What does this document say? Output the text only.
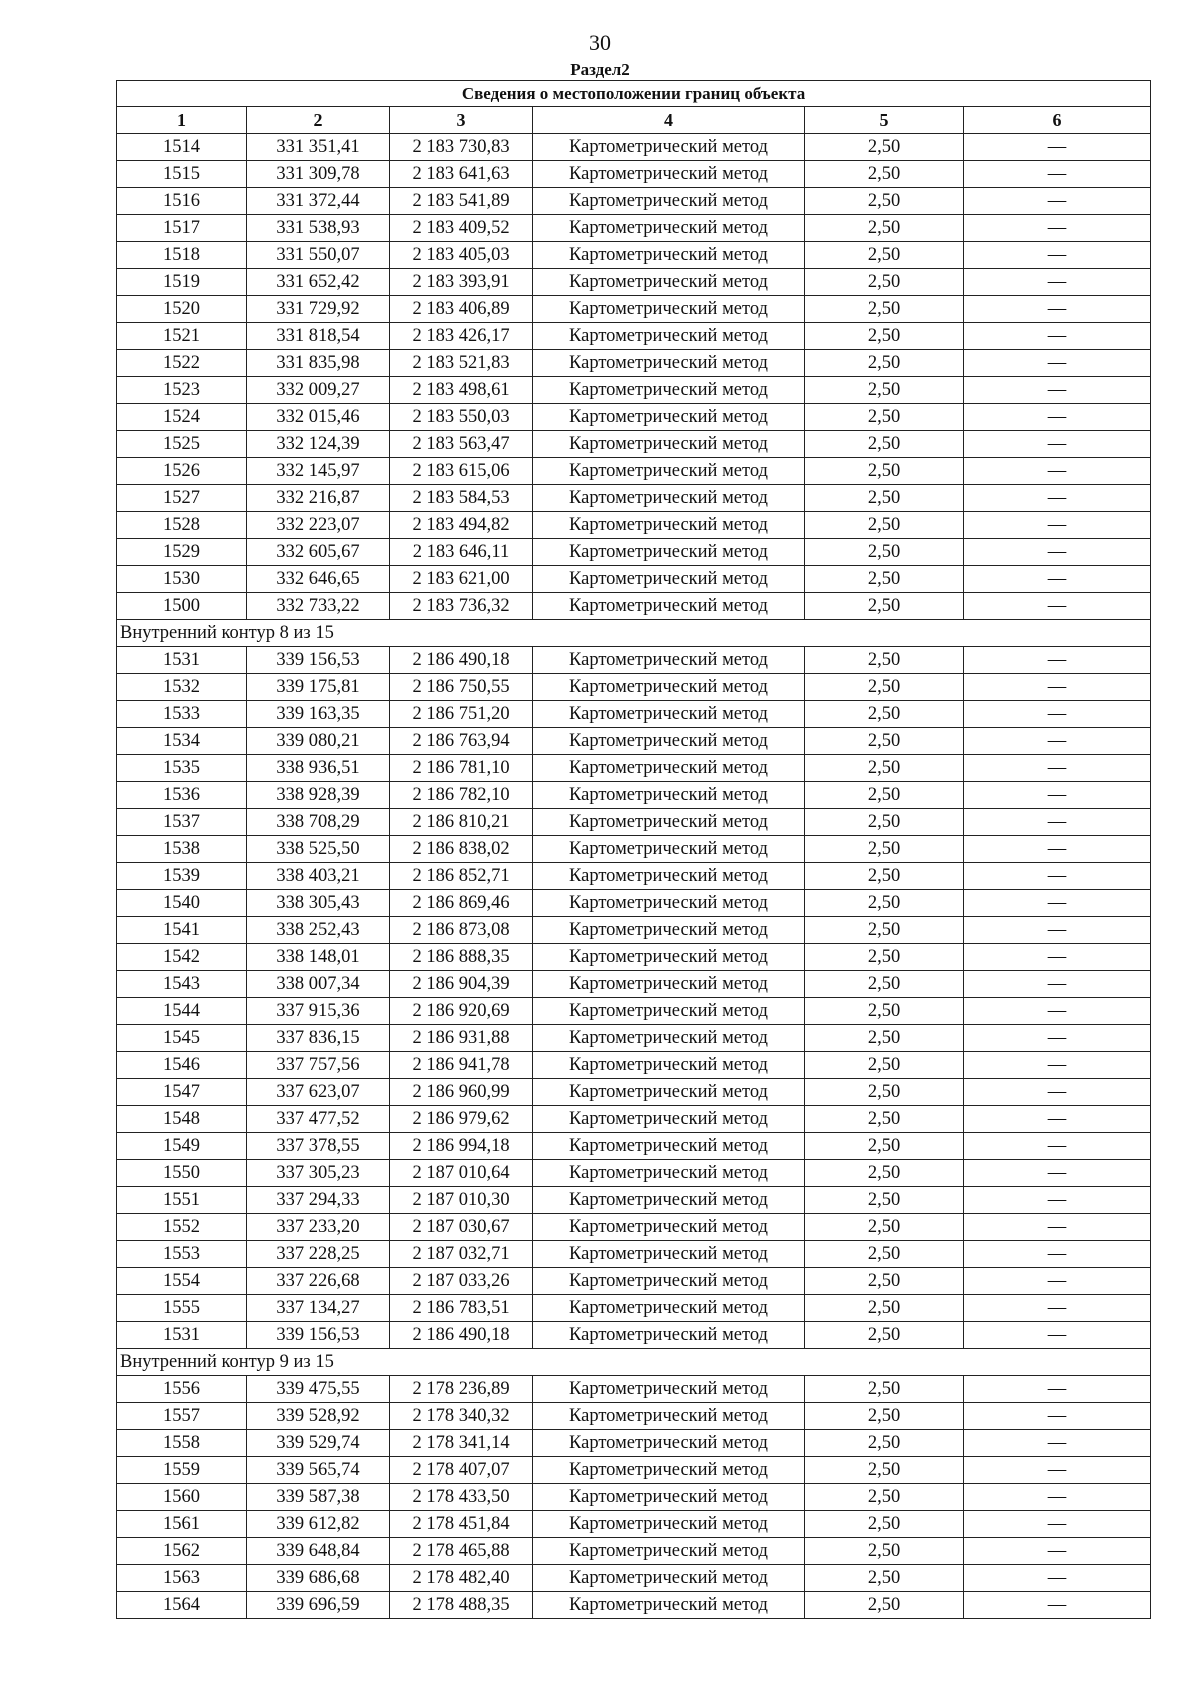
30
Раздел2
Сведения о местоположении границ объекта					
1	2	3	4	5	6
1514	331 351,41	2 183 730,83	Картометрический метод	2,50	—
1515	331 309,78	2 183 641,63	Картометрический метод	2,50	—
1516	331 372,44	2 183 541,89	Картометрический метод	2,50	—
1517	331 538,93	2 183 409,52	Картометрический метод	2,50	—
1518	331 550,07	2 183 405,03	Картометрический метод	2,50	—
1519	331 652,42	2 183 393,91	Картометрический метод	2,50	—
1520	331 729,92	2 183 406,89	Картометрический метод	2,50	—
1521	331 818,54	2 183 426,17	Картометрический метод	2,50	—
1522	331 835,98	2 183 521,83	Картометрический метод	2,50	—
1523	332 009,27	2 183 498,61	Картометрический метод	2,50	—
1524	332 015,46	2 183 550,03	Картометрический метод	2,50	—
1525	332 124,39	2 183 563,47	Картометрический метод	2,50	—
1526	332 145,97	2 183 615,06	Картометрический метод	2,50	—
1527	332 216,87	2 183 584,53	Картометрический метод	2,50	—
1528	332 223,07	2 183 494,82	Картометрический метод	2,50	—
1529	332 605,67	2 183 646,11	Картометрический метод	2,50	—
1530	332 646,65	2 183 621,00	Картометрический метод	2,50	—
1500	332 733,22	2 183 736,32	Картометрический метод	2,50	—
Внутренний контур 8 из 15					
1531	339 156,53	2 186 490,18	Картометрический метод	2,50	—
1532	339 175,81	2 186 750,55	Картометрический метод	2,50	—
1533	339 163,35	2 186 751,20	Картометрический метод	2,50	—
1534	339 080,21	2 186 763,94	Картометрический метод	2,50	—
1535	338 936,51	2 186 781,10	Картометрический метод	2,50	—
1536	338 928,39	2 186 782,10	Картометрический метод	2,50	—
1537	338 708,29	2 186 810,21	Картометрический метод	2,50	—
1538	338 525,50	2 186 838,02	Картометрический метод	2,50	—
1539	338 403,21	2 186 852,71	Картометрический метод	2,50	—
1540	338 305,43	2 186 869,46	Картометрический метод	2,50	—
1541	338 252,43	2 186 873,08	Картометрический метод	2,50	—
1542	338 148,01	2 186 888,35	Картометрический метод	2,50	—
1543	338 007,34	2 186 904,39	Картометрический метод	2,50	—
1544	337 915,36	2 186 920,69	Картометрический метод	2,50	—
1545	337 836,15	2 186 931,88	Картометрический метод	2,50	—
1546	337 757,56	2 186 941,78	Картометрический метод	2,50	—
1547	337 623,07	2 186 960,99	Картометрический метод	2,50	—
1548	337 477,52	2 186 979,62	Картометрический метод	2,50	—
1549	337 378,55	2 186 994,18	Картометрический метод	2,50	—
1550	337 305,23	2 187 010,64	Картометрический метод	2,50	—
1551	337 294,33	2 187 010,30	Картометрический метод	2,50	—
1552	337 233,20	2 187 030,67	Картометрический метод	2,50	—
1553	337 228,25	2 187 032,71	Картометрический метод	2,50	—
1554	337 226,68	2 187 033,26	Картометрический метод	2,50	—
1555	337 134,27	2 186 783,51	Картометрический метод	2,50	—
1531	339 156,53	2 186 490,18	Картометрический метод	2,50	—
Внутренний контур 9 из 15					
1556	339 475,55	2 178 236,89	Картометрический метод	2,50	—
1557	339 528,92	2 178 340,32	Картометрический метод	2,50	—
1558	339 529,74	2 178 341,14	Картометрический метод	2,50	—
1559	339 565,74	2 178 407,07	Картометрический метод	2,50	—
1560	339 587,38	2 178 433,50	Картометрический метод	2,50	—
1561	339 612,82	2 178 451,84	Картометрический метод	2,50	—
1562	339 648,84	2 178 465,88	Картометрический метод	2,50	—
1563	339 686,68	2 178 482,40	Картометрический метод	2,50	—
1564	339 696,59	2 178 488,35	Картометрический метод	2,50	—
